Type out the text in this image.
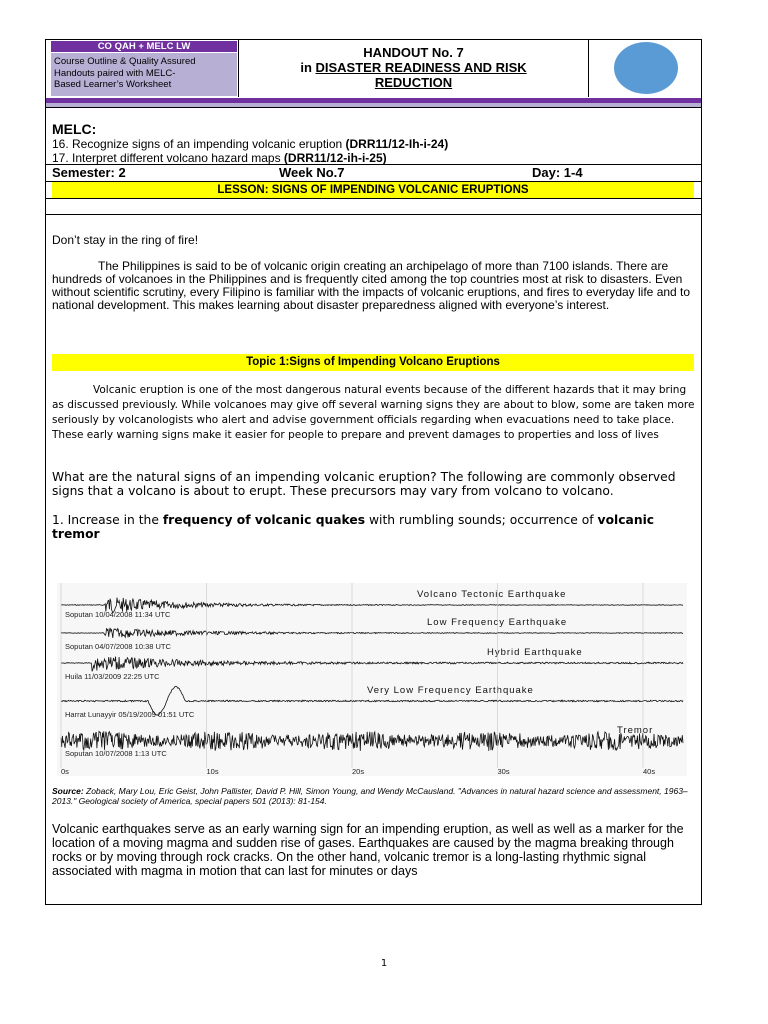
CO QAH + MELC LW
Course Outline & Quality Assured
Handouts paired with MELC-
Based Learner’s Worksheet
HANDOUT No. 7
in DISASTER READINESS AND RISK
REDUCTION
MELC:
16. Recognize signs of an impending volcanic eruption (DRR11/12-Ih-i-24)
17. Interpret different volcano hazard maps (DRR11/12-ih-i-25)
Semester: 2	Week No.7	Day: 1-4
LESSON: SIGNS OF IMPENDING VOLCANIC ERUPTIONS
Don’t stay in the ring of fire!
The Philippines is said to be of volcanic origin creating an archipelago of more than 7100 islands. There are hundreds of volcanoes in the Philippines and is frequently cited among the top countries most at risk to disasters. Even without scientific scrutiny, every Filipino is familiar with the impacts of volcanic eruptions, and fires to everyday life and to national development. This makes learning about disaster preparedness aligned with everyone’s interest.
Topic 1:Signs of Impending Volcano Eruptions
Volcanic eruption is one of the most dangerous natural events because of the different hazards that it may bring as discussed previously. While volcanoes may give off several warning signs they are about to blow, some are taken more seriously by volcanologists who alert and advise government officials regarding when evacuations need to take place. These early warning signs make it easier for people to prepare and prevent damages to properties and loss of lives
What are the natural signs of an impending volcanic eruption? The following are commonly observed signs that a volcano is about to erupt. These precursors may vary from volcano to volcano.
1. Increase in the frequency of volcanic quakes with rumbling sounds; occurrence of volcanic tremor
Volcano Tectonic Earthquake
Soputan 10/04/2008 11:34 UTC
Low Frequency Earthquake
Soputan 04/07/2008 10:38 UTC
Hybrid Earthquake
Huila 11/03/2009 22:25 UTC
Very Low Frequency Earthquake
Harrat Lunayyir 05/19/2009 01:51 UTC
Tremor
Soputan 10/07/2008 1:13 UTC
0s	10s	20s	30s	40s
Source: Zoback, Mary Lou, Eric Geist, John Pallister, David P. Hill, Simon Young, and Wendy McCausland. "Advances in natural hazard science and assessment, 1963–2013." Geological society of America, special papers 501 (2013): 81-154.
Volcanic earthquakes serve as an early warning sign for an impending eruption, as well as well as a marker for the location of a moving magma and sudden rise of gases. Earthquakes are caused by the magma breaking through rocks or by moving through rock cracks. On the other hand, volcanic tremor is a long-lasting rhythmic signal associated with magma in motion that can last for minutes or days
1
